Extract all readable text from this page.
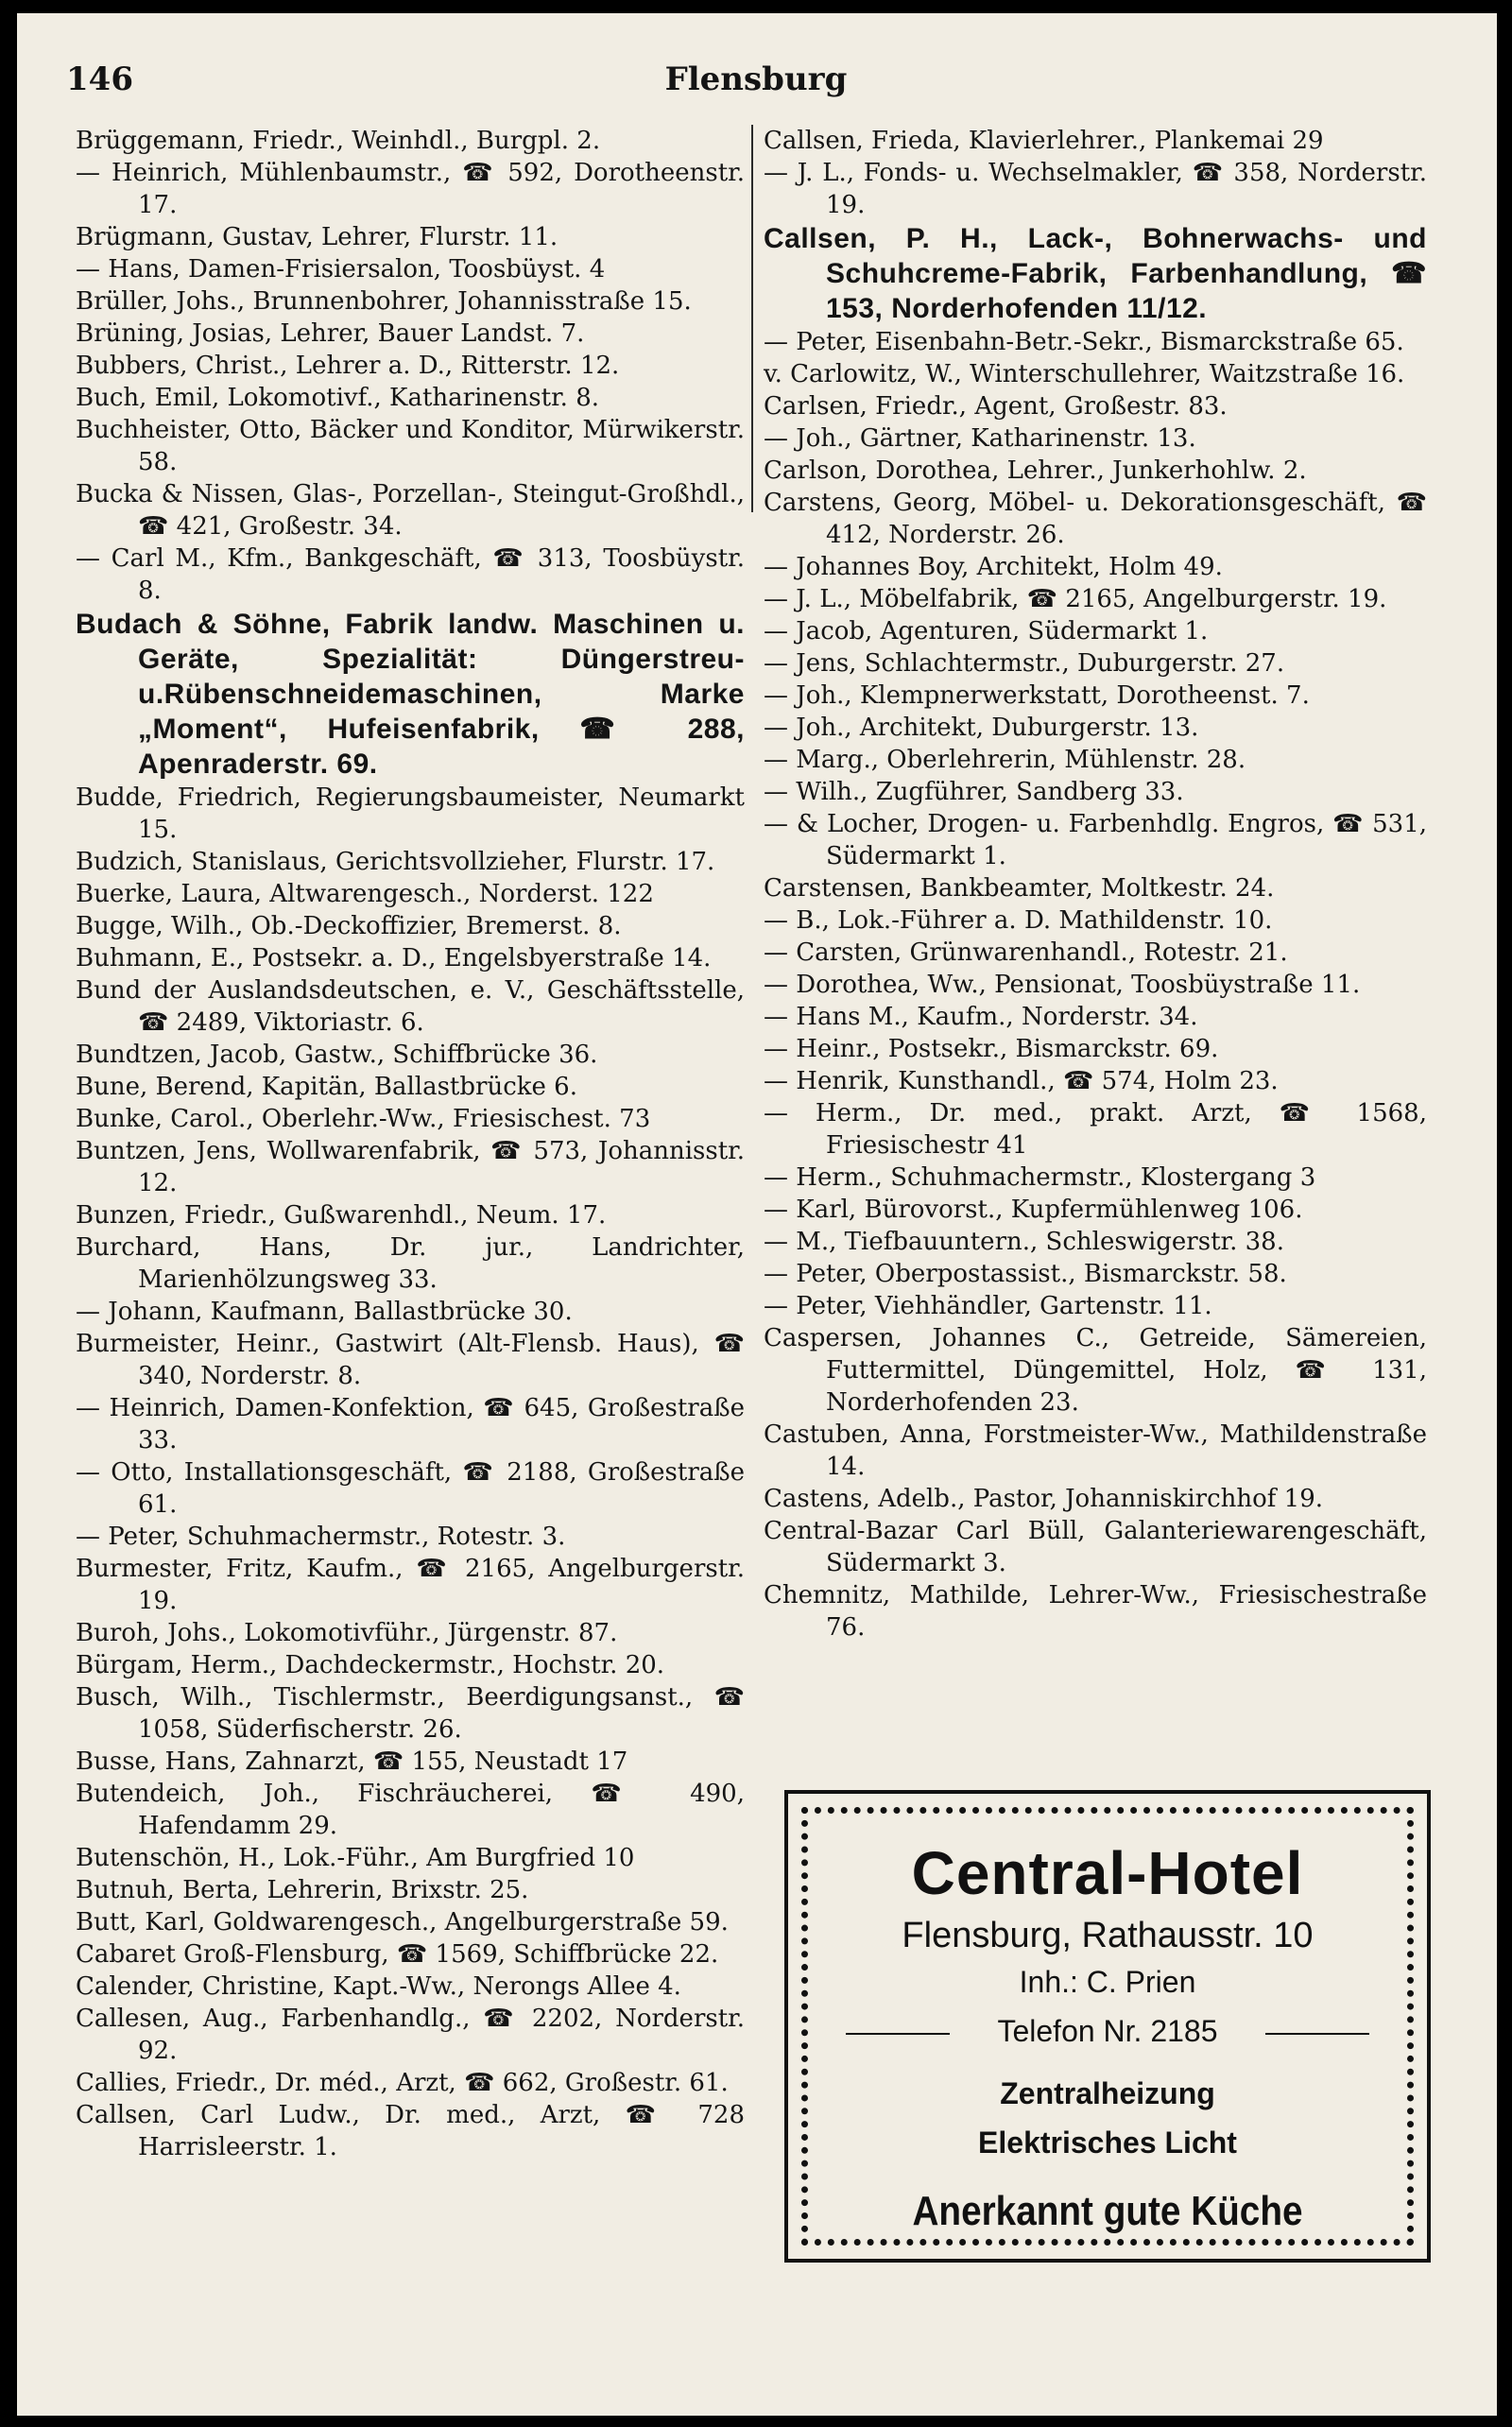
146	Flensburg

Brüggemann, Friedr., Weinhdl., Burgpl. 2.

— Heinrich, Mühlenbaumstr., ☎ 592, Dorotheenstr. 17.

Brügmann, Gustav, Lehrer, Flurstr. 11.

— Hans, Damen-Frisiersalon, Toosbüyst. 4

Brüller, Johs., Brunnenbohrer, Johannisstraße 15.

Brüning, Josias, Lehrer, Bauer Landst. 7.

Bubbers, Christ., Lehrer a. D., Ritterstr. 12.

Buch, Emil, Lokomotivf., Katharinenstr. 8.

Buchheister, Otto, Bäcker und Konditor, Mürwikerstr. 58.

Bucka & Nissen, Glas-, Porzellan-, Steingut-Großhdl., ☎ 421, Großestr. 34.

— Carl M., Kfm., Bankgeschäft, ☎ 313, Toosbüystr. 8.

Budach & Söhne, Fabrik landw. Maschinen u. Geräte, Spezialität: Düngerstreu-u.Rübenschneidemaschinen, Marke „Moment“, Hufeisenfabrik, ☎ 288, Apenraderstr. 69.

Budde, Friedrich, Regierungsbaumeister, Neumarkt 15.

Budzich, Stanislaus, Gerichtsvollzieher, Flurstr. 17.

Buerke, Laura, Altwarengesch., Norderst. 122

Bugge, Wilh., Ob.-Deckoffizier, Bremerst. 8.

Buhmann, E., Postsekr. a. D., Engelsbyerstraße 14.

Bund der Auslandsdeutschen, e. V., Geschäftsstelle, ☎ 2489, Viktoriastr. 6.

Bundtzen, Jacob, Gastw., Schiffbrücke 36.

Bune, Berend, Kapitän, Ballastbrücke 6.

Bunke, Carol., Oberlehr.-Ww., Friesischest. 73

Buntzen, Jens, Wollwarenfabrik, ☎ 573, Johannisstr. 12.

Bunzen, Friedr., Gußwarenhdl., Neum. 17.

Burchard, Hans, Dr. jur., Landrichter, Marienhölzungsweg 33.

— Johann, Kaufmann, Ballastbrücke 30.

Burmeister, Heinr., Gastwirt (Alt-Flensb. Haus), ☎ 340, Norderstr. 8.

— Heinrich, Damen-Konfektion, ☎ 645, Großestraße 33.

— Otto, Installationsgeschäft, ☎ 2188, Großestraße 61.

— Peter, Schuhmachermstr., Rotestr. 3.

Burmester, Fritz, Kaufm., ☎ 2165, Angelburgerstr. 19.

Buroh, Johs., Lokomotivführ., Jürgenstr. 87.

Bürgam, Herm., Dachdeckermstr., Hochstr. 20.

Busch, Wilh., Tischlermstr., Beerdigungsanst., ☎ 1058, Süderfischerstr. 26.

Busse, Hans, Zahnarzt, ☎ 155, Neustadt 17

Butendeich, Joh., Fischräucherei, ☎ 490, Hafendamm 29.

Butenschön, H., Lok.-Führ., Am Burgfried 10

Butnuh, Berta, Lehrerin, Brixstr. 25.

Butt, Karl, Goldwarengesch., Angelburgerstraße 59.

Cabaret Groß-Flensburg, ☎ 1569, Schiffbrücke 22.

Calender, Christine, Kapt.-Ww., Nerongs Allee 4.

Callesen, Aug., Farbenhandlg., ☎ 2202, Norderstr. 92.

Callies, Friedr., Dr. méd., Arzt, ☎ 662, Großestr. 61.

Callsen, Carl Ludw., Dr. med., Arzt, ☎ 728 Harrisleerstr. 1.

Callsen, Frieda, Klavierlehrer., Plankemai 29

— J. L., Fonds- u. Wechselmakler, ☎ 358, Norderstr. 19.

Callsen, P. H., Lack-, Bohnerwachs- und Schuhcreme-Fabrik, Farbenhandlung, ☎ 153, Norderhofenden 11/12.

— Peter, Eisenbahn-Betr.-Sekr., Bismarckstraße 65.

v. Carlowitz, W., Winterschullehrer, Waitzstraße 16.

Carlsen, Friedr., Agent, Großestr. 83.

— Joh., Gärtner, Katharinenstr. 13.

Carlson, Dorothea, Lehrer., Junkerhohlw. 2.

Carstens, Georg, Möbel- u. Dekorationsgeschäft, ☎ 412, Norderstr. 26.

— Johannes Boy, Architekt, Holm 49.

— J. L., Möbelfabrik, ☎ 2165, Angelburgerstr. 19.

— Jacob, Agenturen, Südermarkt 1.

— Jens, Schlachtermstr., Duburgerstr. 27.

— Joh., Klempnerwerkstatt, Dorotheenst. 7.

— Joh., Architekt, Duburgerstr. 13.

— Marg., Oberlehrerin, Mühlenstr. 28.

— Wilh., Zugführer, Sandberg 33.

— & Locher, Drogen- u. Farbenhdlg. Engros, ☎ 531, Südermarkt 1.

Carstensen, Bankbeamter, Moltkestr. 24.

— B., Lok.-Führer a. D. Mathildenstr. 10.

— Carsten, Grünwarenhandl., Rotestr. 21.

— Dorothea, Ww., Pensionat, Toosbüystraße 11.

— Hans M., Kaufm., Norderstr. 34.

— Heinr., Postsekr., Bismarckstr. 69.

— Henrik, Kunsthandl., ☎ 574, Holm 23.

— Herm., Dr. med., prakt. Arzt, ☎ 1568, Friesischestr 41

— Herm., Schuhmachermstr., Klostergang 3

— Karl, Bürovorst., Kupfermühlenweg 106.

— M., Tiefbauuntern., Schleswigerstr. 38.

— Peter, Oberpostassist., Bismarckstr. 58.

— Peter, Viehhändler, Gartenstr. 11.

Caspersen, Johannes C., Getreide, Sämereien, Futtermittel, Düngemittel, Holz, ☎ 131, Norderhofenden 23.

Castuben, Anna, Forstmeister-Ww., Mathildenstraße 14.

Castens, Adelb., Pastor, Johanniskirchhof 19.

Central-Bazar Carl Büll, Galanteriewarengeschäft, Südermarkt 3.

Chemnitz, Mathilde, Lehrer-Ww., Friesischestraße 76.

Central-Hotel
Flensburg, Rathausstr. 10
Inh.: C. Prien
Telefon Nr. 2185
Zentralheizung
Elektrisches Licht
Anerkannt gute Küche
